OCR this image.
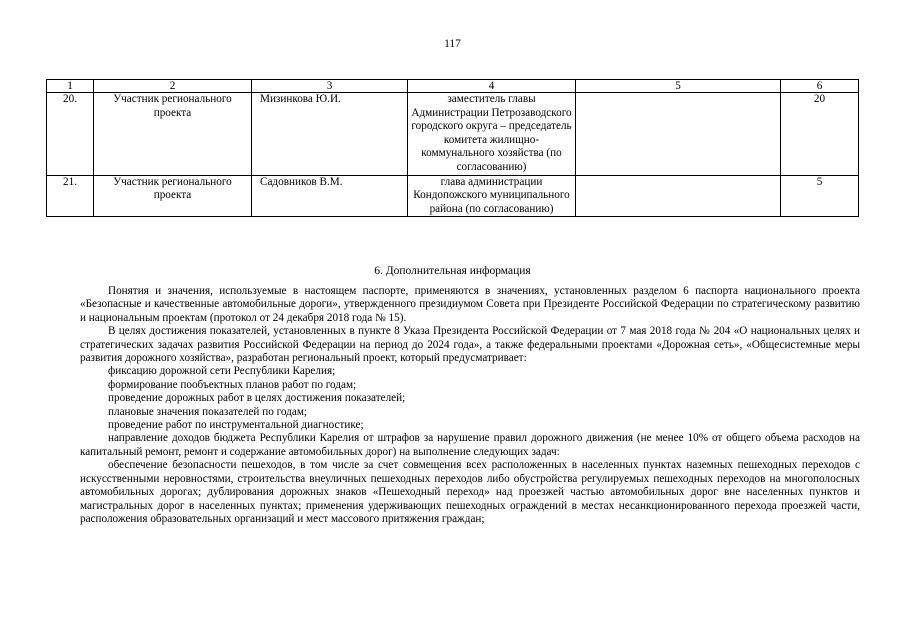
117
1	2	3	4	5	6
20.	Участник регионального проекта	Мизинкова Ю.И.	заместитель главы Администрации Петрозаводского городского округа – председатель комитета жилищно-коммунального хозяйства (по согласованию)		20
21.	Участник регионального проекта	Садовников В.М.	глава администрации Кондопожского муниципального района (по согласованию)		5
6. Дополнительная информация

Понятия и значения, используемые в настоящем паспорте, применяются в значениях, установленных разделом 6 паспорта национального проекта «Безопасные и качественные автомобильные дороги», утвержденного президиумом Совета при Президенте Российской Федерации по стратегическому развитию и национальным проектам (протокол от 24 декабря 2018 года № 15).

В целях достижения показателей, установленных в пункте 8 Указа Президента Российской Федерации от 7 мая 2018 года № 204 «О национальных целях и стратегических задачах развития Российской Федерации на период до 2024 года», а также федеральными проектами «Дорожная сеть», «Общесистемные меры развития дорожного хозяйства», разработан региональный проект, который предусматривает:

фиксацию дорожной сети Республики Карелия;

формирование пообъектных планов работ по годам;

проведение дорожных работ в целях достижения показателей;

плановые значения показателей по годам;

проведение работ по инструментальной диагностике;

направление доходов бюджета Республики Карелия от штрафов за нарушение правил дорожного движения (не менее 10% от общего объема расходов на капитальный ремонт, ремонт и содержание автомобильных дорог) на выполнение следующих задач:

обеспечение безопасности пешеходов, в том числе за счет совмещения всех расположенных в населенных пунктах наземных пешеходных переходов с искусственными неровностями, строительства внеуличных пешеходных переходов либо обустройства регулируемых пешеходных переходов на многополосных автомобильных дорогах; дублирования дорожных знаков «Пешеходный переход» над проезжей частью автомобильных дорог вне населенных пунктов и магистральных дорог в населенных пунктах; применения удерживающих пешеходных ограждений в местах несанкционированного перехода проезжей части, расположения образовательных организаций и мест массового притяжения граждан;
